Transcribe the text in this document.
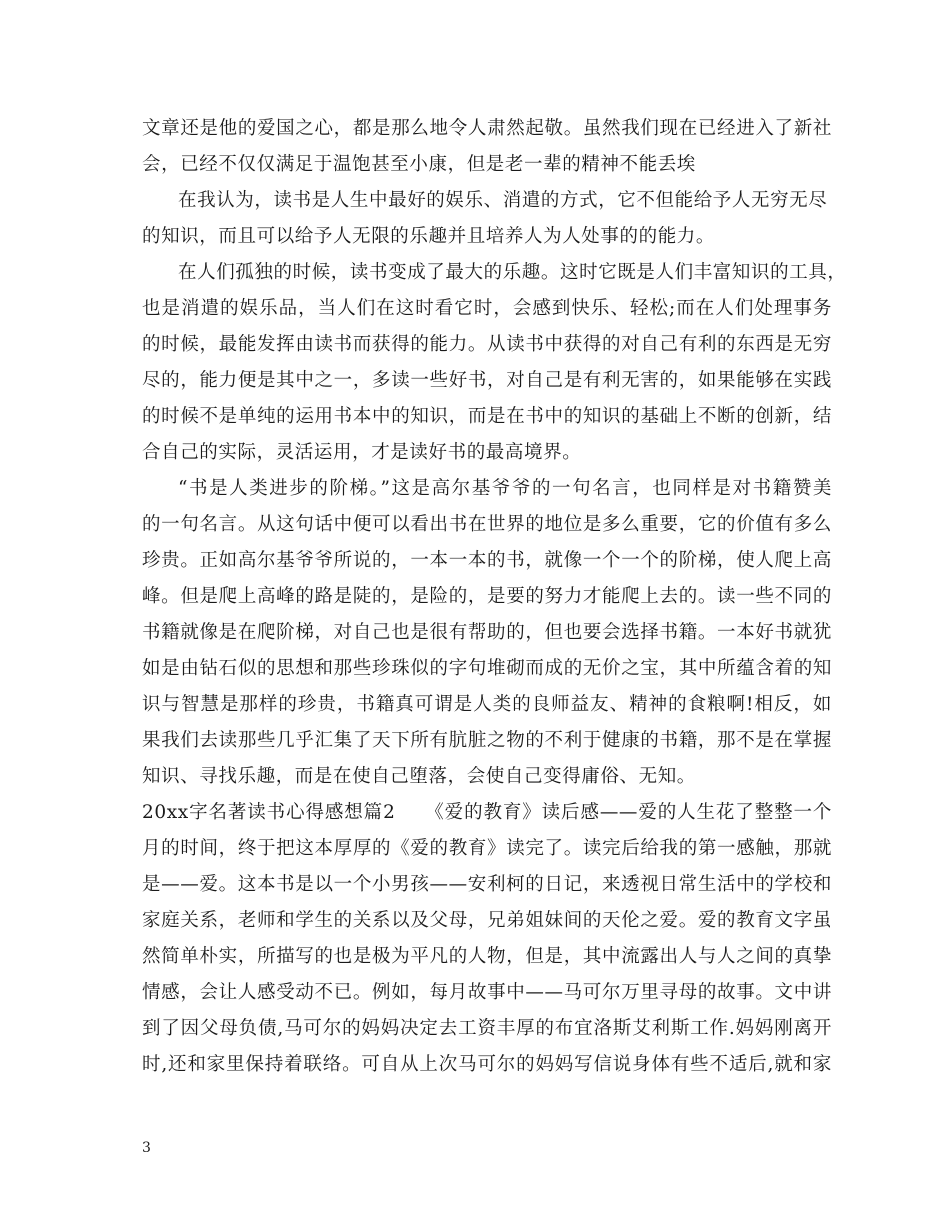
文章还是他的爱国之心，都是那么地令人肃然起敬。虽然我们现在已经进入了新社
会，已经不仅仅满足于温饱甚至小康，但是老一辈的精神不能丢埃
在我认为，读书是人生中最好的娱乐、消遣的方式，它不但能给予人无穷无尽
的知识，而且可以给予人无限的乐趣并且培养人为人处事的的能力。
在人们孤独的时候，读书变成了最大的乐趣。这时它既是人们丰富知识的工具，
也是消遣的娱乐品，当人们在这时看它时，会感到快乐、轻松;而在人们处理事务
的时候，最能发挥由读书而获得的能力。从读书中获得的对自己有利的东西是无穷
尽的，能力便是其中之一，多读一些好书，对自己是有利无害的，如果能够在实践
的时候不是单纯的运用书本中的知识，而是在书中的知识的基础上不断的创新，结
合自己的实际，灵活运用，才是读好书的最高境界。
“书是人类进步的阶梯。”这是高尔基爷爷的一句名言，也同样是对书籍赞美
的一句名言。从这句话中便可以看出书在世界的地位是多么重要，它的价值有多么
珍贵。正如高尔基爷爷所说的，一本一本的书，就像一个一个的阶梯，使人爬上高
峰。但是爬上高峰的路是陡的，是险的，是要的努力才能爬上去的。读一些不同的
书籍就像是在爬阶梯，对自己也是很有帮助的，但也要会选择书籍。一本好书就犹
如是由钻石似的思想和那些珍珠似的字句堆砌而成的无价之宝，其中所蕴含着的知
识与智慧是那样的珍贵，书籍真可谓是人类的良师益友、精神的食粮啊!相反，如
果我们去读那些几乎汇集了天下所有肮脏之物的不利于健康的书籍，那不是在掌握
知识、寻找乐趣，而是在使自己堕落，会使自己变得庸俗、无知。
20xx字名著读书心得感想篇2　　《爱的教育》读后感——爱的人生花了整整一个
月的时间，终于把这本厚厚的《爱的教育》读完了。读完后给我的第一感触，那就
是——爱。这本书是以一个小男孩——安利柯的日记，来透视日常生活中的学校和
家庭关系，老师和学生的关系以及父母，兄弟姐妹间的天伦之爱。爱的教育文字虽
然简单朴实，所描写的也是极为平凡的人物，但是，其中流露出人与人之间的真挚
情感，会让人感受动不已。例如，每月故事中——马可尔万里寻母的故事。文中讲
到了因父母负债,马可尔的妈妈决定去工资丰厚的布宜洛斯艾利斯工作.妈妈刚离开
时,还和家里保持着联络。可自从上次马可尔的妈妈写信说身体有些不适后,就和家
3
